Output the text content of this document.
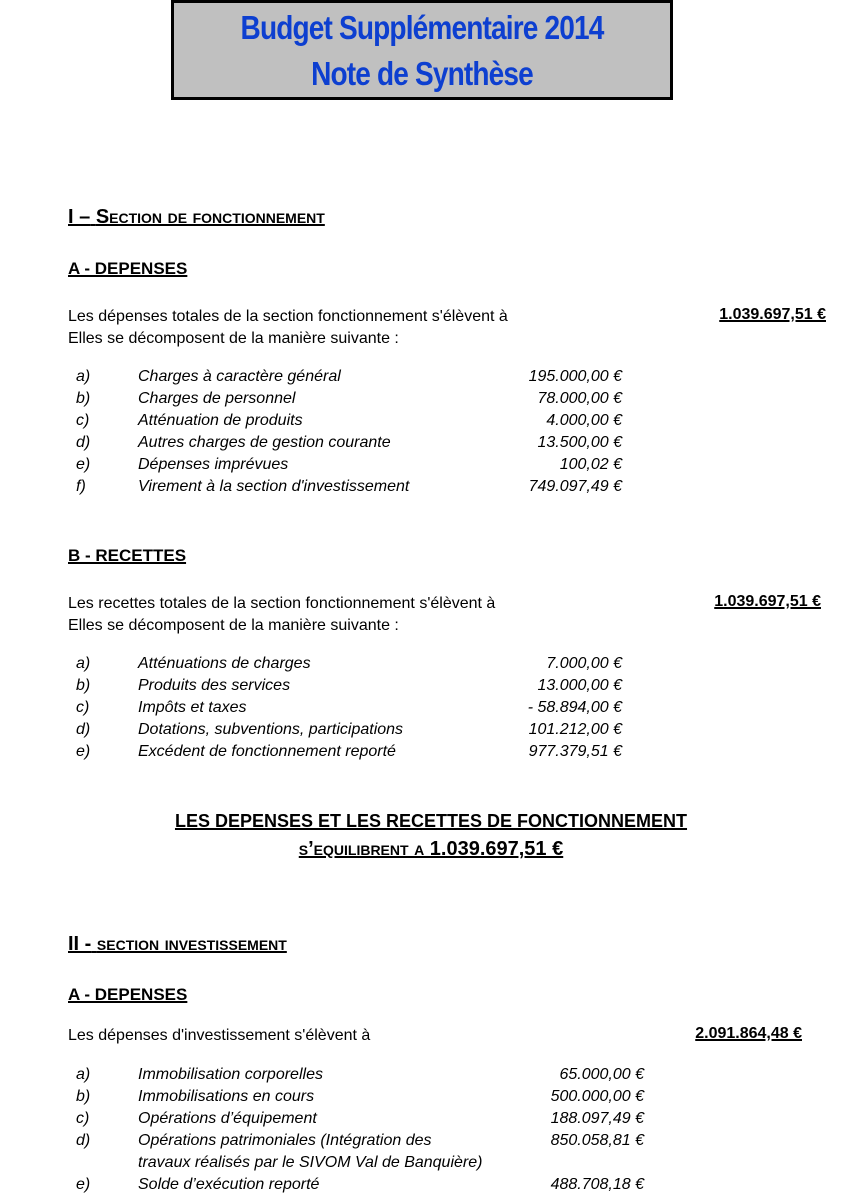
Budget Supplémentaire 2014
Note de Synthèse
I – Section de fonctionnement
A - DEPENSES
Les dépenses totales de la section fonctionnement s'élèvent à	1.039.697,51 €
Elles se décomposent de la manière suivante :
a)	Charges à caractère général	195.000,00 €
b)	Charges de personnel	78.000,00 €
c)	Atténuation de produits	4.000,00 €
d)	Autres charges de gestion courante	13.500,00 €
e)	Dépenses imprévues	100,02 €
f)	Virement à la section d'investissement	749.097,49 €
B - RECETTES
Les recettes totales de la section fonctionnement s'élèvent à	1.039.697,51 €
Elles se décomposent de la manière suivante :
a)	Atténuations de charges	7.000,00 €
b)	Produits des services	13.000,00 €
c)	Impôts et taxes	- 58.894,00 €
d)	Dotations, subventions, participations	101.212,00 €
e)	Excédent de fonctionnement reporté	977.379,51 €
LES DEPENSES ET LES RECETTES DE FONCTIONNEMENT
s’equilibrent a 1.039.697,51 €
II - section investissement
A - DEPENSES
Les dépenses d'investissement s'élèvent à	2.091.864,48 €
a)	Immobilisation corporelles	65.000,00 €
b)	Immobilisations en cours	500.000,00 €
c)	Opérations d’équipement	188.097,49 €
d)	Opérations patrimoniales (Intégration des	850.058,81 €
travaux réalisés par le SIVOM Val de Banquière)
e)	Solde d’exécution reporté	488.708,18 €
